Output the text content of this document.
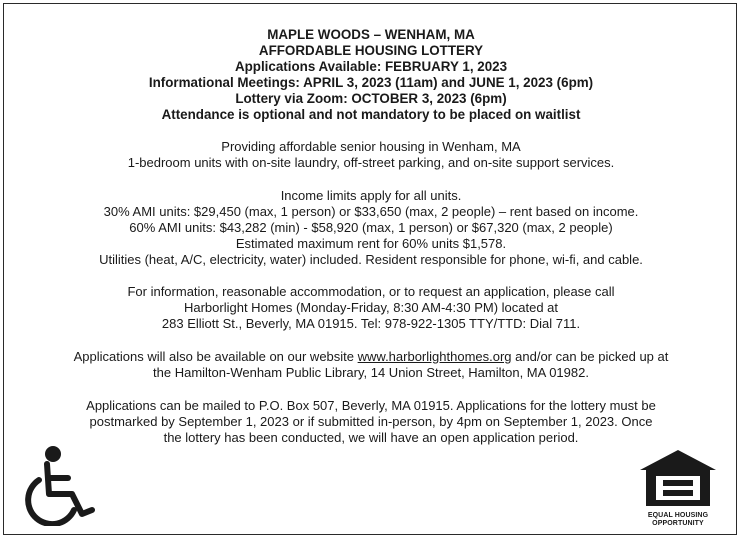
MAPLE WOODS – WENHAM, MA
AFFORDABLE HOUSING LOTTERY
Applications Available: FEBRUARY 1, 2023
Informational Meetings: APRIL 3, 2023 (11am) and JUNE 1, 2023 (6pm)
Lottery via Zoom: OCTOBER 3, 2023 (6pm)
Attendance is optional and not mandatory to be placed on waitlist
Providing affordable senior housing in Wenham, MA
1-bedroom units with on-site laundry, off-street parking, and on-site support services.
Income limits apply for all units.
30% AMI units: $29,450 (max, 1 person) or $33,650 (max, 2 people) – rent based on income.
60% AMI units: $43,282 (min) - $58,920 (max, 1 person) or $67,320 (max, 2 people)
Estimated maximum rent for 60% units $1,578.
Utilities (heat, A/C, electricity, water) included. Resident responsible for phone, wi-fi, and cable.
For information, reasonable accommodation, or to request an application, please call
Harborlight Homes (Monday-Friday, 8:30 AM-4:30 PM) located at
283 Elliott St., Beverly, MA 01915. Tel: 978-922-1305 TTY/TTD: Dial 711.
Applications will also be available on our website www.harborlighthomes.org and/or can be picked up at
the Hamilton-Wenham Public Library, 14 Union Street, Hamilton, MA 01982.
Applications can be mailed to P.O. Box 507, Beverly, MA 01915. Applications for the lottery must be
postmarked by September 1, 2023 or if submitted in-person, by 4pm on September 1, 2023. Once
the lottery has been conducted, we will have an open application period.
EQUAL HOUSING
OPPORTUNITY
